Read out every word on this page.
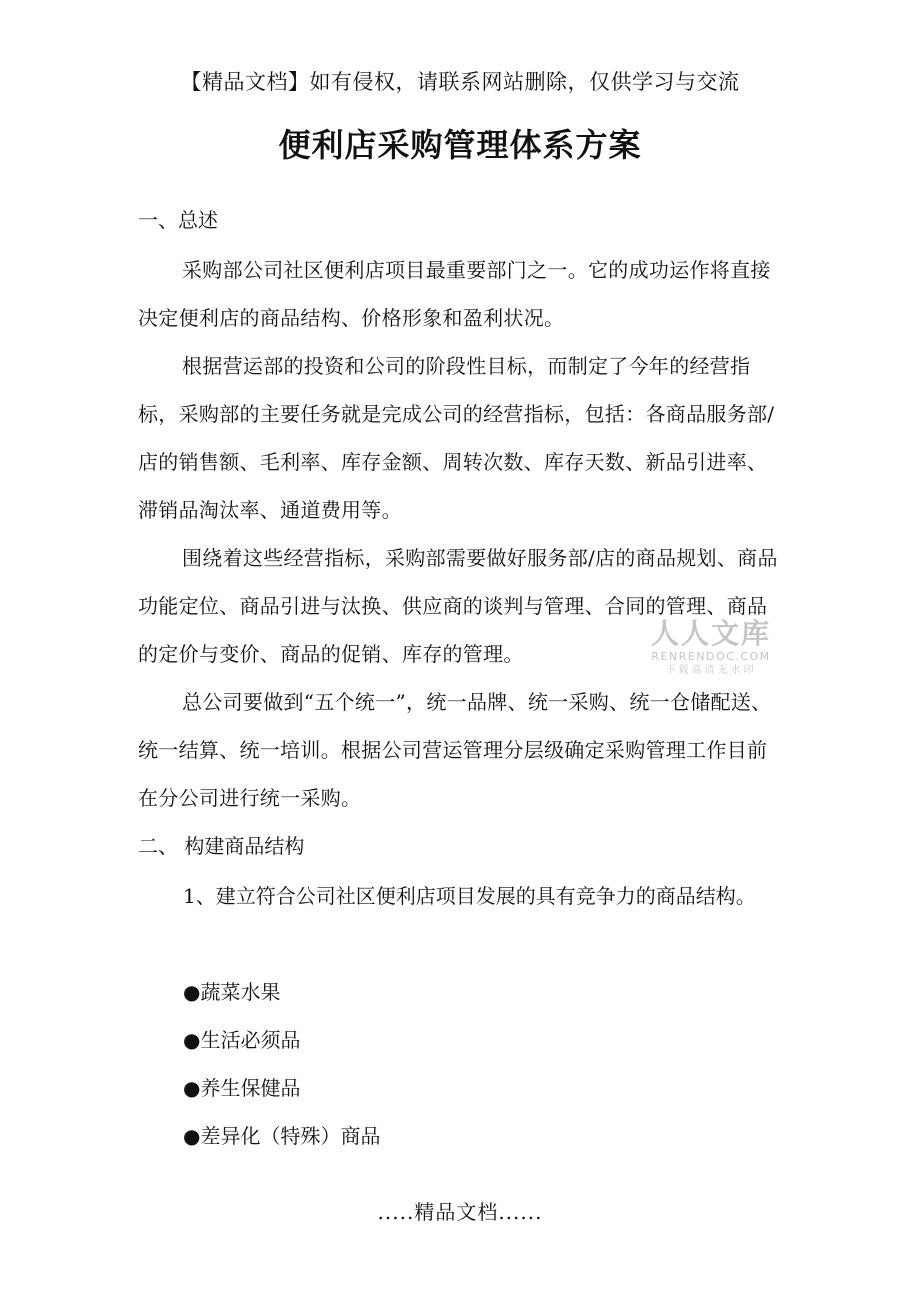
【精品文档】如有侵权，请联系网站删除，仅供学习与交流
便利店采购管理体系方案
一、总述
采购部公司社区便利店项目最重要部门之一。它的成功运作将直接决定便利店的商品结构、价格形象和盈利状况。
根据营运部的投资和公司的阶段性目标，而制定了今年的经营指标，采购部的主要任务就是完成公司的经营指标，包括：各商品服务部/店的销售额、毛利率、库存金额、周转次数、库存天数、新品引进率、滞销品淘汰率、通道费用等。
围绕着这些经营指标，采购部需要做好服务部/店的商品规划、商品功能定位、商品引进与汰换、供应商的谈判与管理、合同的管理、商品的定价与变价、商品的促销、库存的管理。
总公司要做到“五个统一”，统一品牌、统一采购、统一仓储配送、统一结算、统一培训。根据公司营运管理分层级确定采购管理工作目前在分公司进行统一采购。
二、 构建商品结构
1、建立符合公司社区便利店项目发展的具有竞争力的商品结构。
●蔬菜水果
●生活必须品
●养生保健品
●差异化（特殊）商品
人人文库
RENRENDOC.COM
下载高清无水印
.....精品文档......
